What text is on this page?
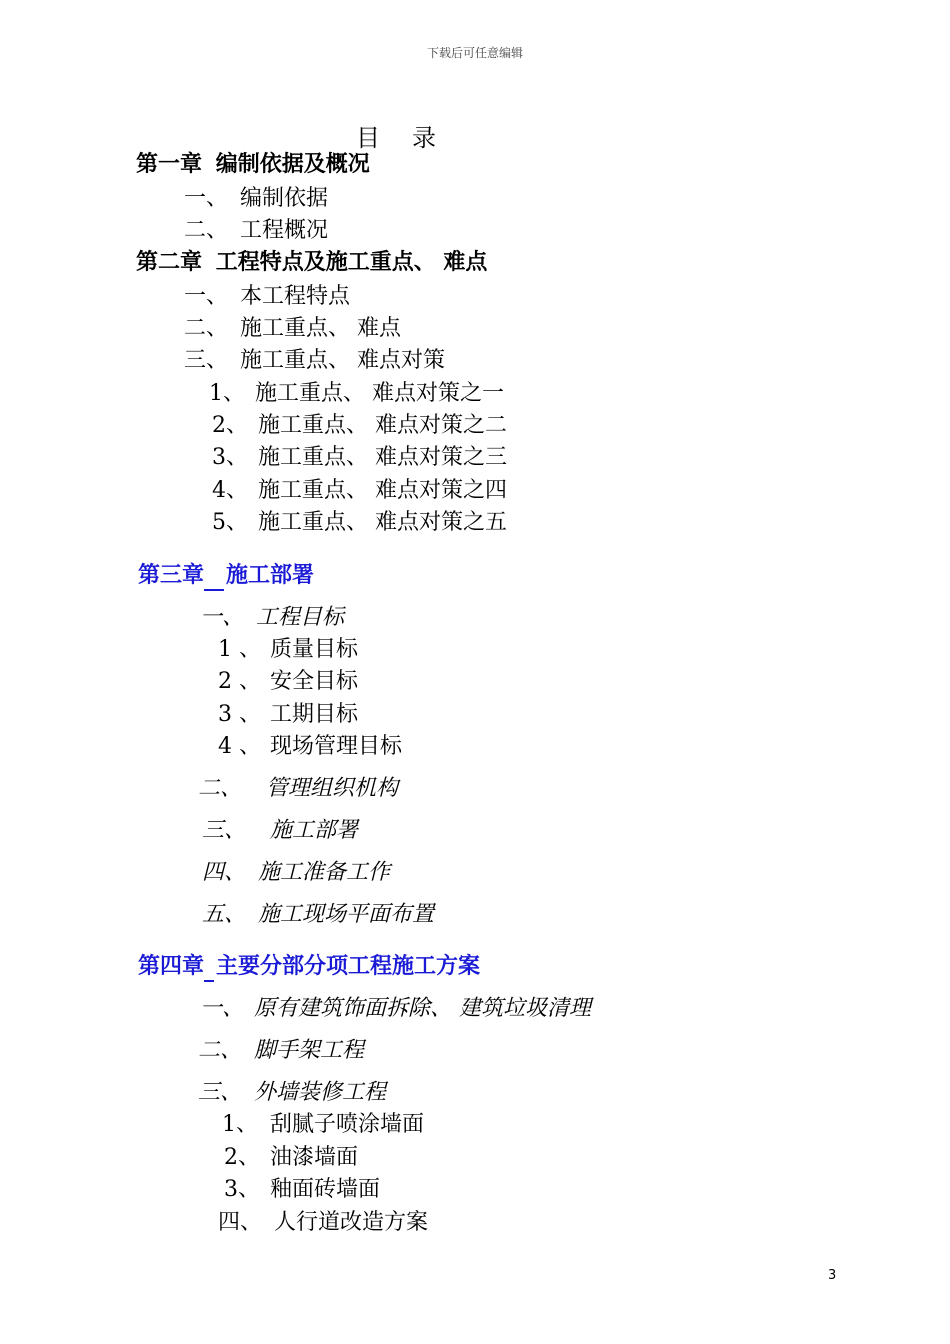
下载后可任意编辑
目 录
第一章 编制依据及概况
一、 编制依据
二、 工程概况
第二章 工程特点及施工重点、 难点
一、 本工程特点
二、 施工重点、 难点
三、 施工重点、 难点对策
1、 施工重点、 难点对策之一
2、 施工重点、 难点对策之二
3、 施工重点、 难点对策之三
4、 施工重点、 难点对策之四
5、 施工重点、 难点对策之五
第三章 施工部署
一、 工程目标
1 、 质量目标
2 、 安全目标
3 、 工期目标
4 、 现场管理目标
二、 管理组织机构
三、 施工部署
四、 施工准备工作
五、 施工现场平面布置
第四章 主要分部分项工程施工方案
一、 原有建筑饰面拆除、 建筑垃圾清理
二、 脚手架工程
三、 外墙装修工程
1、 刮腻子喷涂墙面
2、 油漆墙面
3、 釉面砖墙面
四、 人行道改造方案
3
